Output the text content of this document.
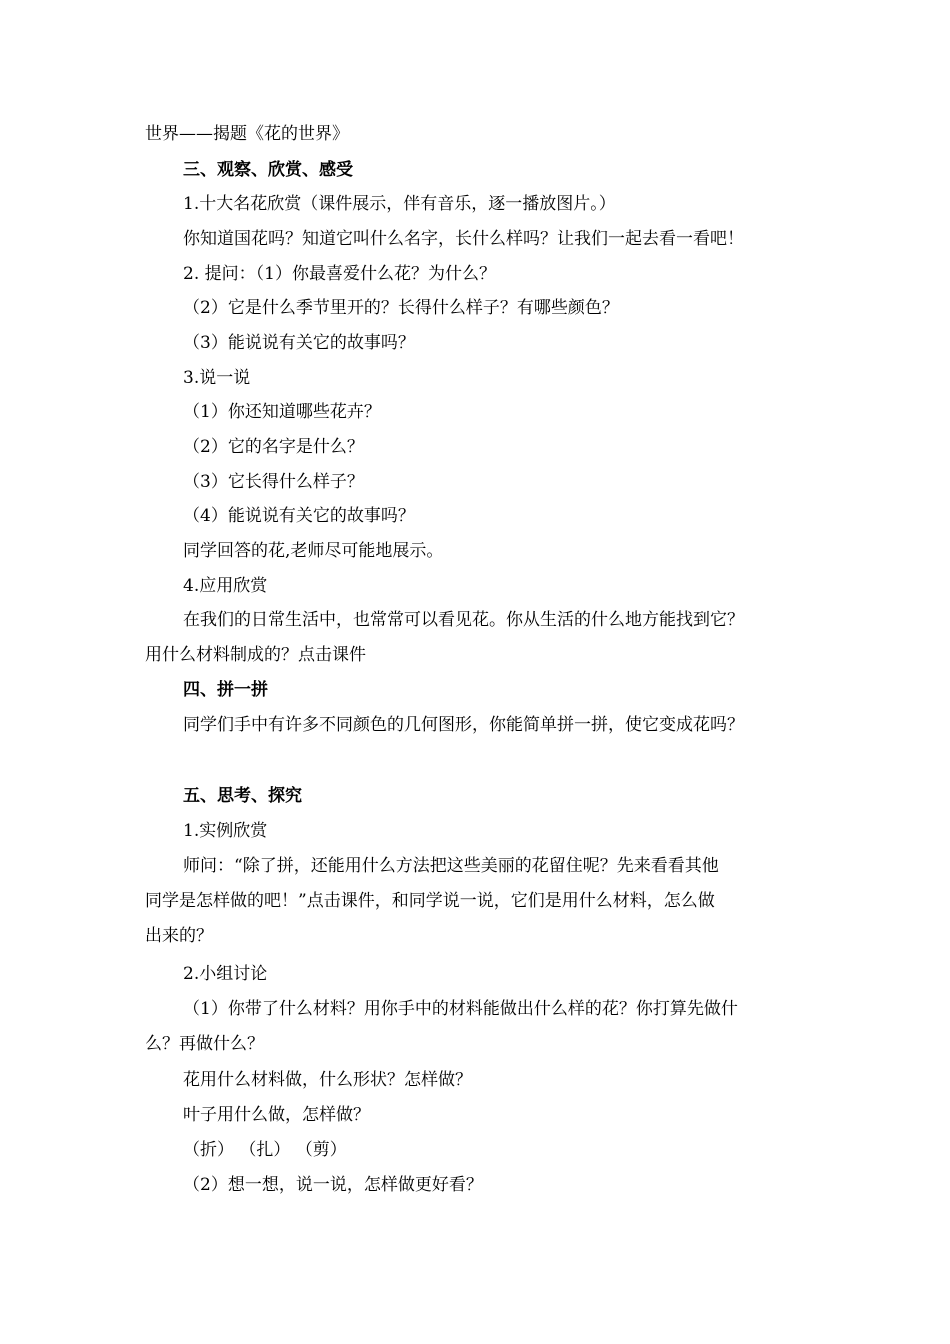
世界——揭题《花的世界》
三、观察、欣赏、感受
1.十大名花欣赏（课件展示，伴有音乐，逐一播放图片。）
你知道国花吗？知道它叫什么名字，长什么样吗？让我们一起去看一看吧！
2. 提问：（1）你最喜爱什么花？为什么？
（2）它是什么季节里开的？长得什么样子？有哪些颜色？
（3）能说说有关它的故事吗？
3.说一说
（1）你还知道哪些花卉？
（2）它的名字是什么？
（3）它长得什么样子？
（4）能说说有关它的故事吗？
同学回答的花,老师尽可能地展示。
4.应用欣赏
在我们的日常生活中，也常常可以看见花。你从生活的什么地方能找到它？
用什么材料制成的？点击课件
四、拼一拼
同学们手中有许多不同颜色的几何图形，你能简单拼一拼，使它变成花吗？
五、思考、探究
1.实例欣赏
师问：“除了拼，还能用什么方法把这些美丽的花留住呢？先来看看其他
同学是怎样做的吧！”点击课件，和同学说一说，它们是用什么材料，怎么做
出来的？
2.小组讨论
（1）你带了什么材料？用你手中的材料能做出什么样的花？你打算先做什
么？再做什么？
花用什么材料做，什么形状？怎样做？
叶子用什么做，怎样做？
（折） （扎） （剪）
（2）想一想，说一说，怎样做更好看？
